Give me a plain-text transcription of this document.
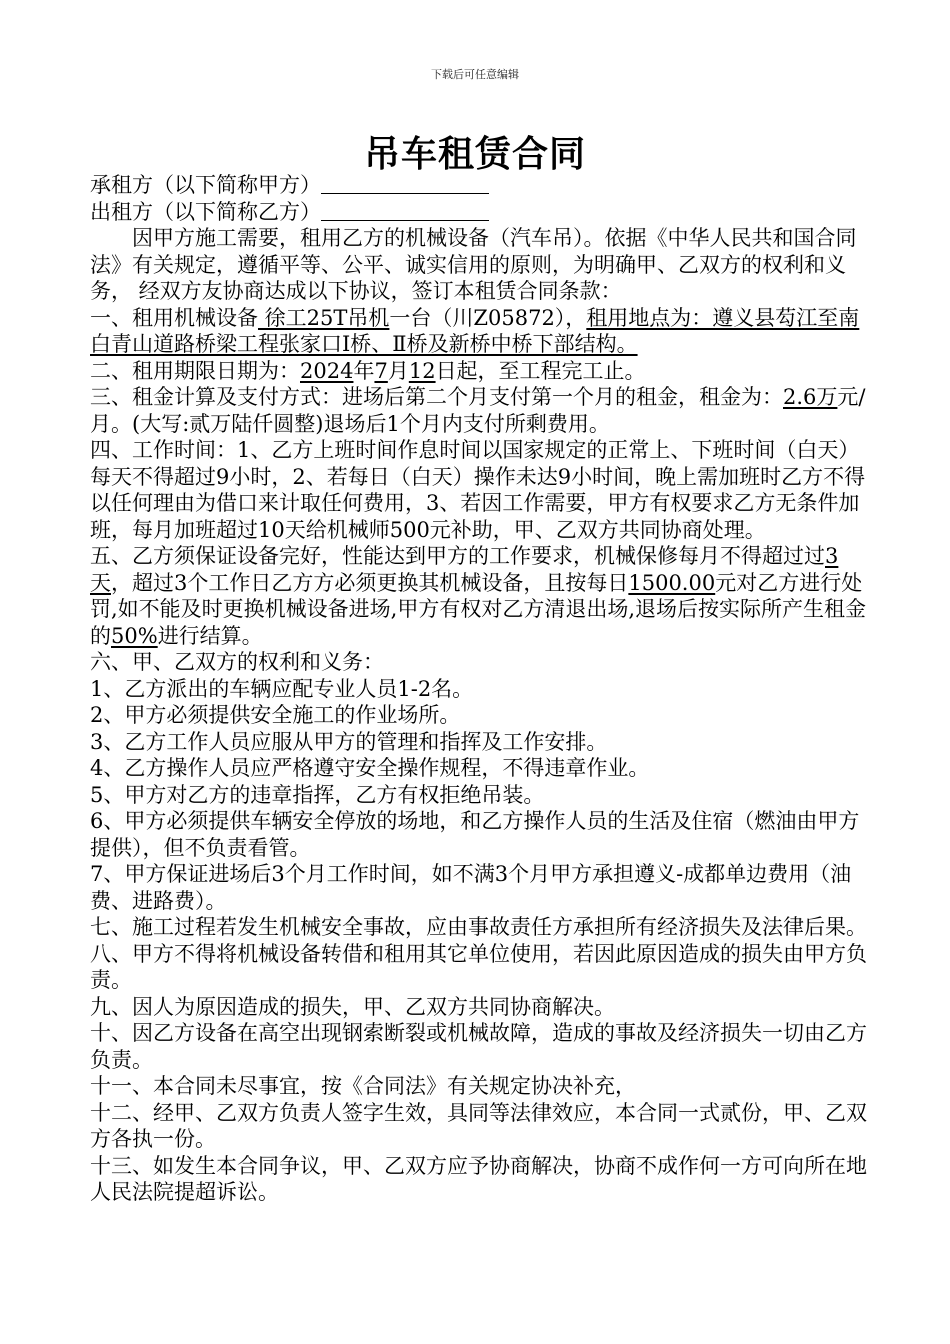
下载后可任意编辑
吊车租赁合同

承租方（以下简称甲方）

出租方（以下简称乙方）

因甲方施工需要，租用乙方的机械设备（汽车吊）。依据《中华人民共和国合同法》有关规定，遵循平等、公平、诚实信用的原则，为明确甲、乙双方的权利和义务， 经双方友协商达成以下协议，签订本租赁合同条款：

一、租用机械设备 徐工25T吊机一台（川Z05872），租用地点为：遵义县芶江至南白青山道路桥梁工程张家口Ⅰ桥、Ⅱ桥及新桥中桥下部结构。

二、租用期限日期为：2024年7月12日起，至工程完工止。

三、租金计算及支付方式：进场后第二个月支付第一个月的租金，租金为：2.6万元/月。(大写:贰万陆仟圆整)退场后1个月内支付所剩费用。

四、工作时间：1、乙方上班时间作息时间以国家规定的正常上、下班时间（白天）每天不得超过9小时，2、若每日（白天）操作未达9小时间，晚上需加班时乙方不得以任何理由为借口来计取任何费用，3、若因工作需要，甲方有权要求乙方无条件加班，每月加班超过10天给机械师500元补助，甲、乙双方共同协商处理。

五、乙方须保证设备完好，性能达到甲方的工作要求，机械保修每月不得超过过3天，超过3个工作日乙方方必须更换其机械设备，且按每日1500.00元对乙方进行处罚,如不能及时更换机械设备进场,甲方有权对乙方清退出场,退场后按实际所产生租金的50%进行结算。

六、甲、乙双方的权利和义务：

1、乙方派出的车辆应配专业人员1-2名。

2、甲方必须提供安全施工的作业场所。

3、乙方工作人员应服从甲方的管理和指挥及工作安排。

4、乙方操作人员应严格遵守安全操作规程，不得违章作业。

5、甲方对乙方的违章指挥，乙方有权拒绝吊装。

6、甲方必须提供车辆安全停放的场地，和乙方操作人员的生活及住宿（燃油由甲方提供），但不负责看管。

7、甲方保证进场后3个月工作时间，如不满3个月甲方承担遵义-成都单边费用（油费、进路费）。

七、施工过程若发生机械安全事故，应由事故责任方承担所有经济损失及法律后果。

八、甲方不得将机械设备转借和租用其它单位使用，若因此原因造成的损失由甲方负责。

九、因人为原因造成的损失，甲、乙双方共同协商解决。

十、因乙方设备在高空出现钢索断裂或机械故障，造成的事故及经济损失一切由乙方负责。

十一、本合同未尽事宜，按《合同法》有关规定协决补充，

十二、经甲、乙双方负责人签字生效，具同等法律效应，本合同一式贰份，甲、乙双方各执一份。

十三、如发生本合同争议，甲、乙双方应予协商解决，协商不成作何一方可向所在地人民法院提超诉讼。
